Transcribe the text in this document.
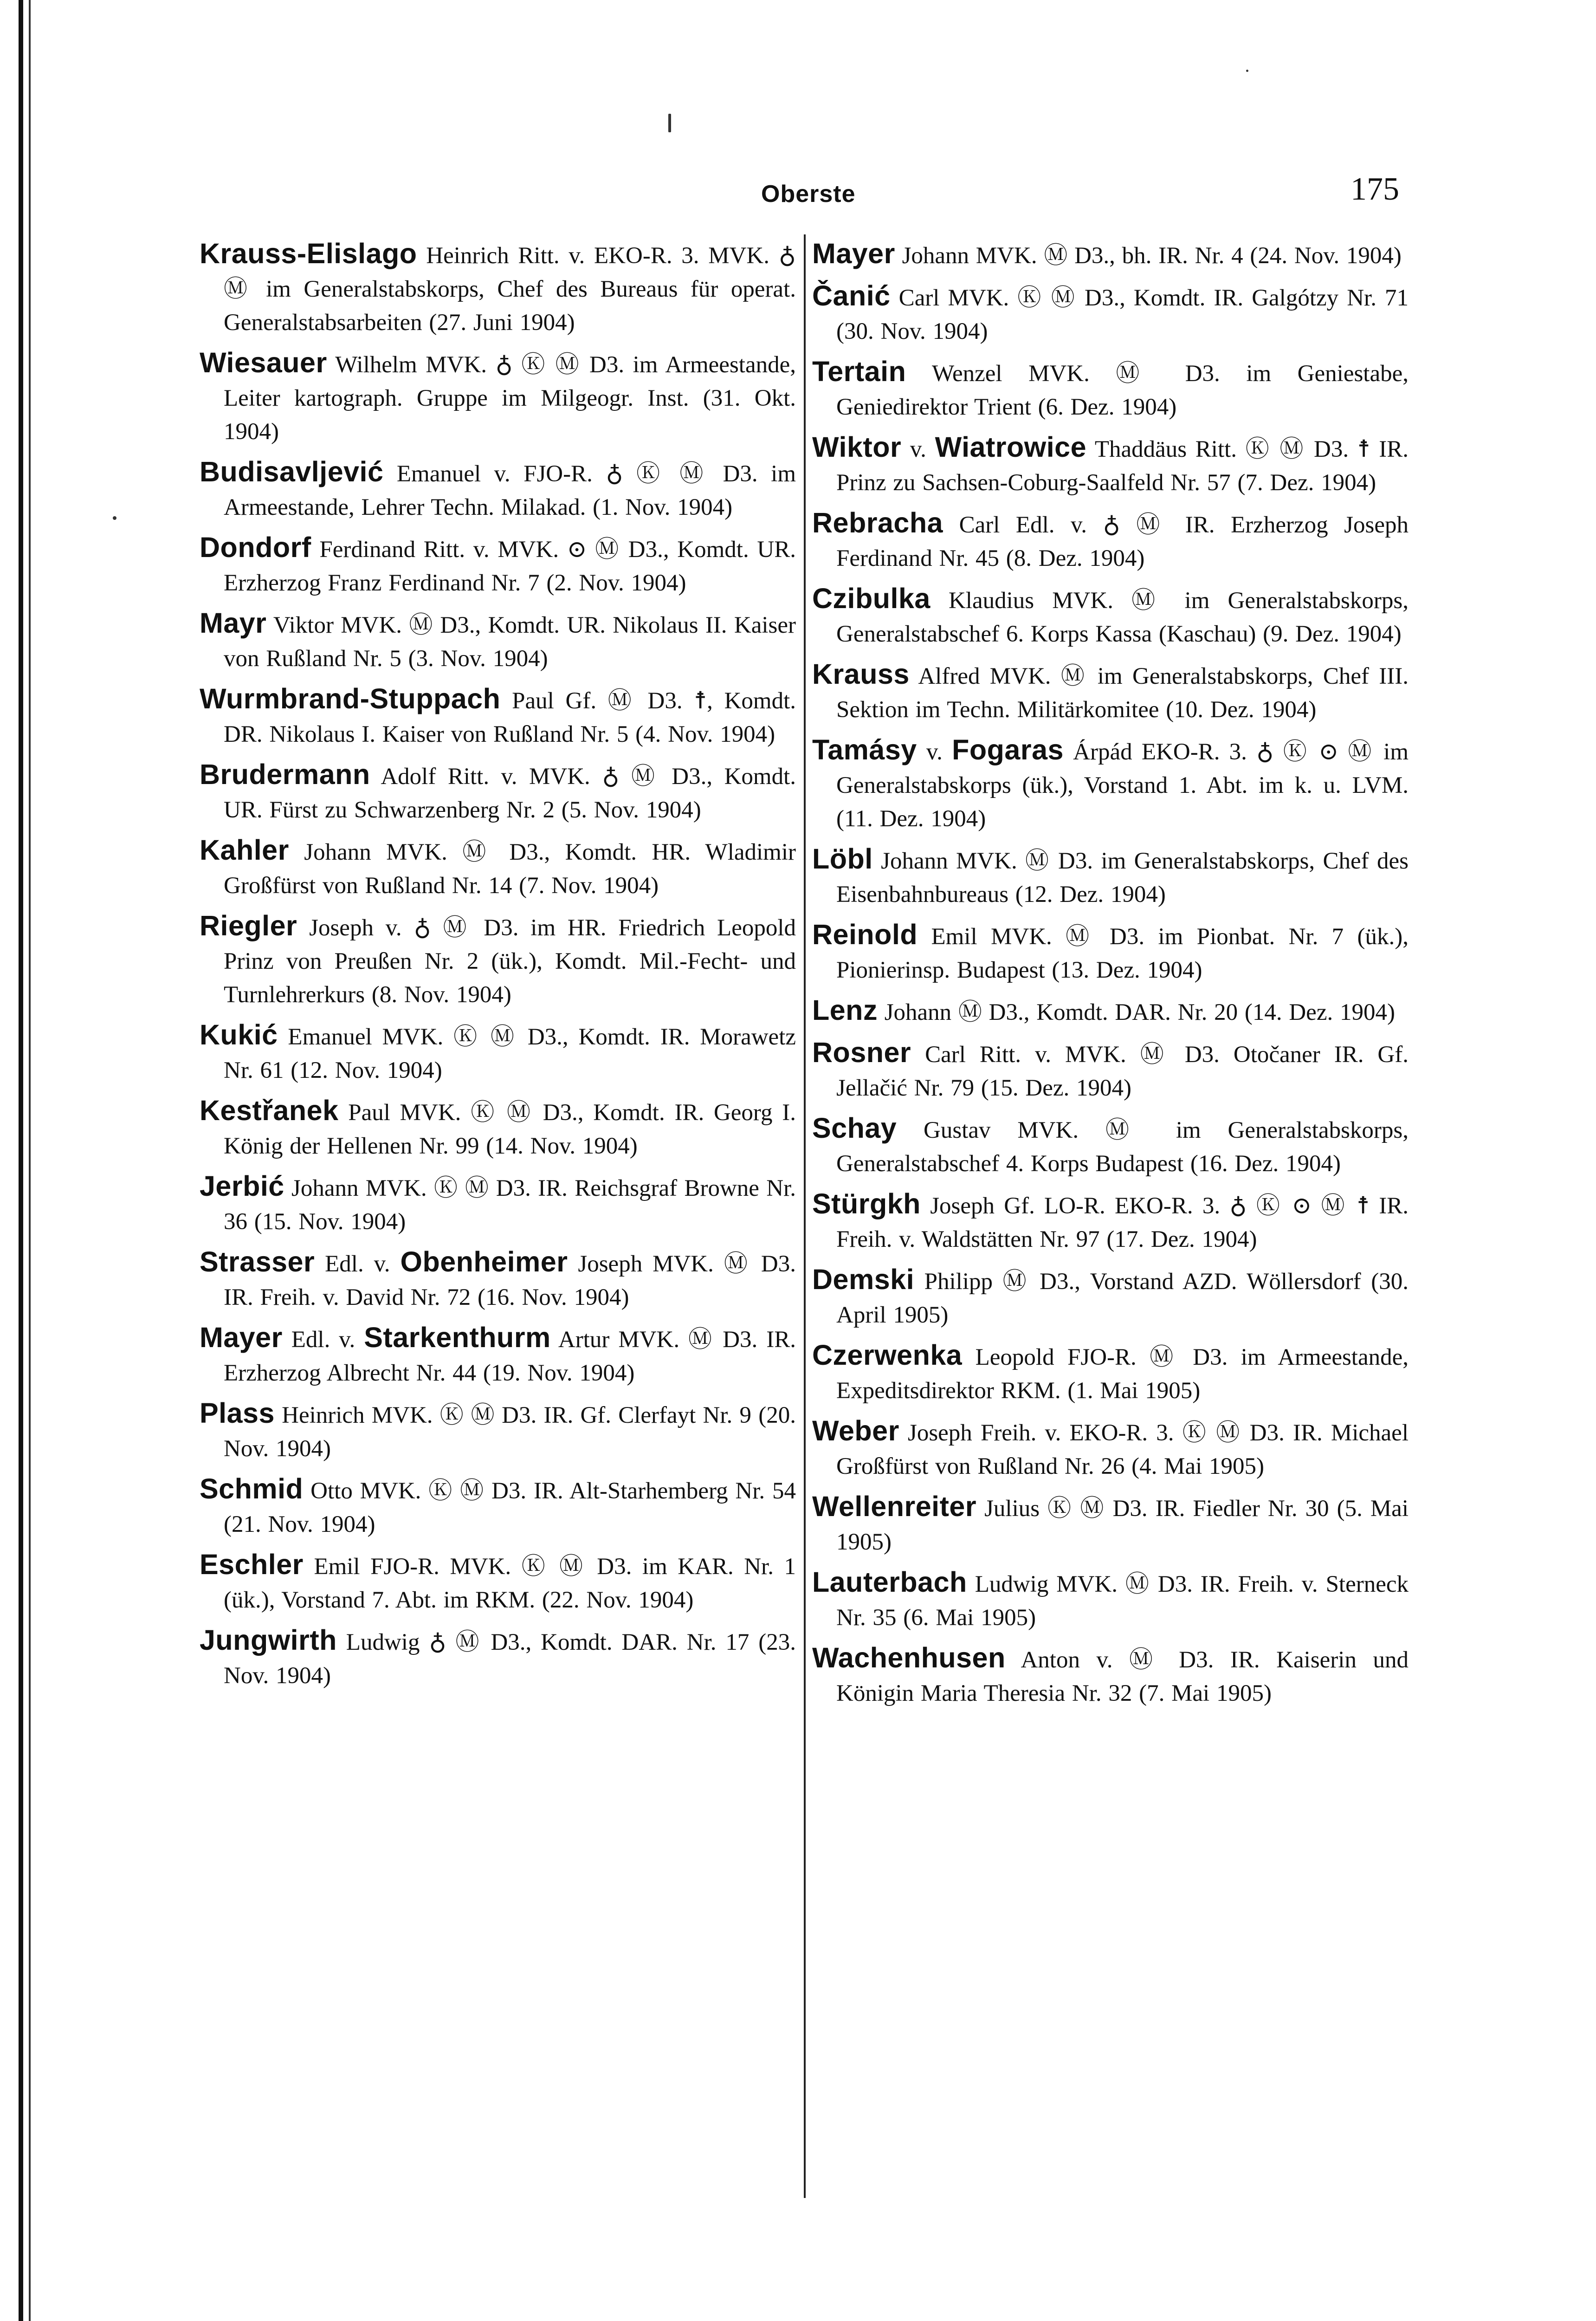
Oberste	175
Krauss-Elislago Heinrich Ritt. v. EKO-R. 3. MVK. ♁ Ⓜ im Generalstabskorps, Chef des Bureaus für operat. Generalstabsarbeiten (27. Juni 1904)
Wiesauer Wilhelm MVK. ♁ Ⓚ Ⓜ D3. im Armeestande, Leiter kartograph. Gruppe im Milgeogr. Inst. (31. Okt. 1904)
Budisavljević Emanuel v. FJO-R. ♁ Ⓚ Ⓜ D3. im Armeestande, Lehrer Techn. Milakad. (1. Nov. 1904)
Dondorf Ferdinand Ritt. v. MVK. ⊙ Ⓜ D3., Komdt. UR. Erzherzog Franz Ferdinand Nr. 7 (2. Nov. 1904)
Mayr Viktor MVK. Ⓜ D3., Komdt. UR. Nikolaus II. Kaiser von Rußland Nr. 5 (3. Nov. 1904)
Wurmbrand-Stuppach Paul Gf. Ⓜ D3. ☨, Komdt. DR. Nikolaus I. Kaiser von Rußland Nr. 5 (4. Nov. 1904)
Brudermann Adolf Ritt. v. MVK. ♁ Ⓜ D3., Komdt. UR. Fürst zu Schwarzenberg Nr. 2 (5. Nov. 1904)
Kahler Johann MVK. Ⓜ D3., Komdt. HR. Wladimir Großfürst von Rußland Nr. 14 (7. Nov. 1904)
Riegler Joseph v. ♁ Ⓜ D3. im HR. Friedrich Leopold Prinz von Preußen Nr. 2 (ük.), Komdt. Mil.-Fecht- und Turnlehrerkurs (8. Nov. 1904)
Kukić Emanuel MVK. Ⓚ Ⓜ D3., Komdt. IR. Morawetz Nr. 61 (12. Nov. 1904)
Kestřanek Paul MVK. Ⓚ Ⓜ D3., Komdt. IR. Georg I. König der Hellenen Nr. 99 (14. Nov. 1904)
Jerbić Johann MVK. Ⓚ Ⓜ D3. IR. Reichsgraf Browne Nr. 36 (15. Nov. 1904)
Strasser Edl. v. Obenheimer Joseph MVK. Ⓜ D3. IR. Freih. v. David Nr. 72 (16. Nov. 1904)
Mayer Edl. v. Starkenthurm Artur MVK. Ⓜ D3. IR. Erzherzog Albrecht Nr. 44 (19. Nov. 1904)
Plass Heinrich MVK. Ⓚ Ⓜ D3. IR. Gf. Clerfayt Nr. 9 (20. Nov. 1904)
Schmid Otto MVK. Ⓚ Ⓜ D3. IR. Alt-Starhemberg Nr. 54 (21. Nov. 1904)
Eschler Emil FJO-R. MVK. Ⓚ Ⓜ D3. im KAR. Nr. 1 (ük.), Vorstand 7. Abt. im RKM. (22. Nov. 1904)
Jungwirth Ludwig ♁ Ⓜ D3., Komdt. DAR. Nr. 17 (23. Nov. 1904)
Mayer Johann MVK. Ⓜ D3., bh. IR. Nr. 4 (24. Nov. 1904)
Čanić Carl MVK. Ⓚ Ⓜ D3., Komdt. IR. Galgótzy Nr. 71 (30. Nov. 1904)
Tertain Wenzel MVK. Ⓜ D3. im Geniestabe, Geniedirektor Trient (6. Dez. 1904)
Wiktor v. Wiatrowice Thaddäus Ritt. Ⓚ Ⓜ D3. ☨ IR. Prinz zu Sachsen-Coburg-Saalfeld Nr. 57 (7. Dez. 1904)
Rebracha Carl Edl. v. ♁ Ⓜ IR. Erzherzog Joseph Ferdinand Nr. 45 (8. Dez. 1904)
Czibulka Klaudius MVK. Ⓜ im Generalstabskorps, Generalstabschef 6. Korps Kassa (Kaschau) (9. Dez. 1904)
Krauss Alfred MVK. Ⓜ im Generalstabskorps, Chef III. Sektion im Techn. Militärkomitee (10. Dez. 1904)
Tamásy v. Fogaras Árpád EKO-R. 3. ♁ Ⓚ ⊙ Ⓜ im Generalstabskorps (ük.), Vorstand 1. Abt. im k. u. LVM. (11. Dez. 1904)
Löbl Johann MVK. Ⓜ D3. im Generalstabskorps, Chef des Eisenbahnbureaus (12. Dez. 1904)
Reinold Emil MVK. Ⓜ D3. im Pionbat. Nr. 7 (ük.), Pionierinsp. Budapest (13. Dez. 1904)
Lenz Johann Ⓜ D3., Komdt. DAR. Nr. 20 (14. Dez. 1904)
Rosner Carl Ritt. v. MVK. Ⓜ D3. Otočaner IR. Gf. Jellačić Nr. 79 (15. Dez. 1904)
Schay Gustav MVK. Ⓜ im Generalstabskorps, Generalstabschef 4. Korps Budapest (16. Dez. 1904)
Stürgkh Joseph Gf. LO-R. EKO-R. 3. ♁ Ⓚ ⊙ Ⓜ ☨ IR. Freih. v. Waldstätten Nr. 97 (17. Dez. 1904)
Demski Philipp Ⓜ D3., Vorstand AZD. Wöllersdorf (30. April 1905)
Czerwenka Leopold FJO-R. Ⓜ D3. im Armeestande, Expeditsdirektor RKM. (1. Mai 1905)
Weber Joseph Freih. v. EKO-R. 3. Ⓚ Ⓜ D3. IR. Michael Großfürst von Rußland Nr. 26 (4. Mai 1905)
Wellenreiter Julius Ⓚ Ⓜ D3. IR. Fiedler Nr. 30 (5. Mai 1905)
Lauterbach Ludwig MVK. Ⓜ D3. IR. Freih. v. Sterneck Nr. 35 (6. Mai 1905)
Wachenhusen Anton v. Ⓜ D3. IR. Kaiserin und Königin Maria Theresia Nr. 32 (7. Mai 1905)
